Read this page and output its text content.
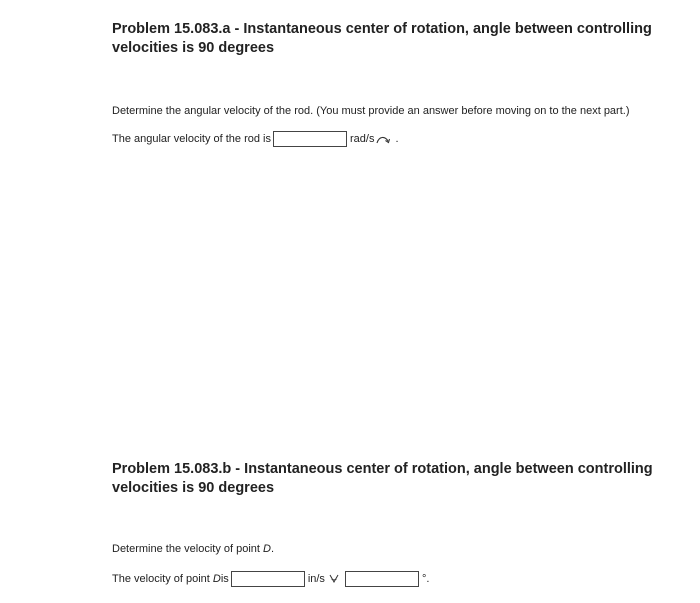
Problem 15.083.a - Instantaneous center of rotation, angle between controlling velocities is 90 degrees

Determine the angular velocity of the rod. (You must provide an answer before moving on to the next part.)

The angular velocity of the rod is	rad/s .
Problem 15.083.b - Instantaneous center of rotation, angle between controlling velocities is 90 degrees

Determine the velocity of point D.

The velocity of point
D is	in/s	°.
